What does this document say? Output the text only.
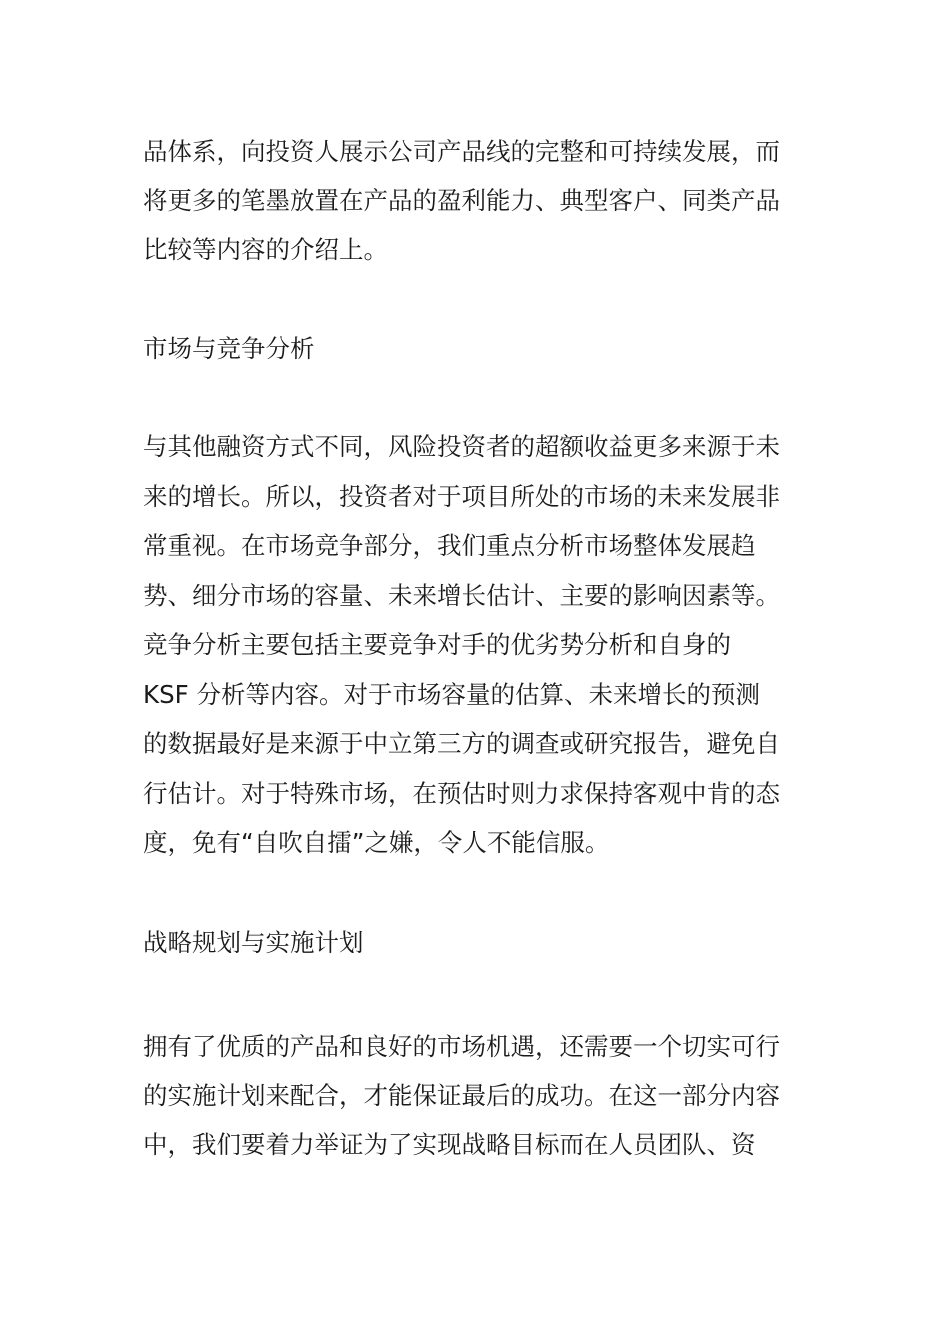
品体系，向投资人展示公司产品线的完整和可持续发展，而
将更多的笔墨放置在产品的盈利能力、典型客户、同类产品
比较等内容的介绍上。
市场与竞争分析
与其他融资方式不同，风险投资者的超额收益更多来源于未
来的增长。所以，投资者对于项目所处的市场的未来发展非
常重视。在市场竞争部分，我们重点分析市场整体发展趋
势、细分市场的容量、未来增长估计、主要的影响因素等。
竞争分析主要包括主要竞争对手的优劣势分析和自身的
KSF 分析等内容。对于市场容量的估算、未来增长的预测
的数据最好是来源于中立第三方的调查或研究报告，避免自
行估计。对于特殊市场，在预估时则力求保持客观中肯的态
度，免有“自吹自擂”之嫌，令人不能信服。
战略规划与实施计划
拥有了优质的产品和良好的市场机遇，还需要一个切实可行
的实施计划来配合，才能保证最后的成功。在这一部分内容
中，我们要着力举证为了实现战略目标而在人员团队、资
